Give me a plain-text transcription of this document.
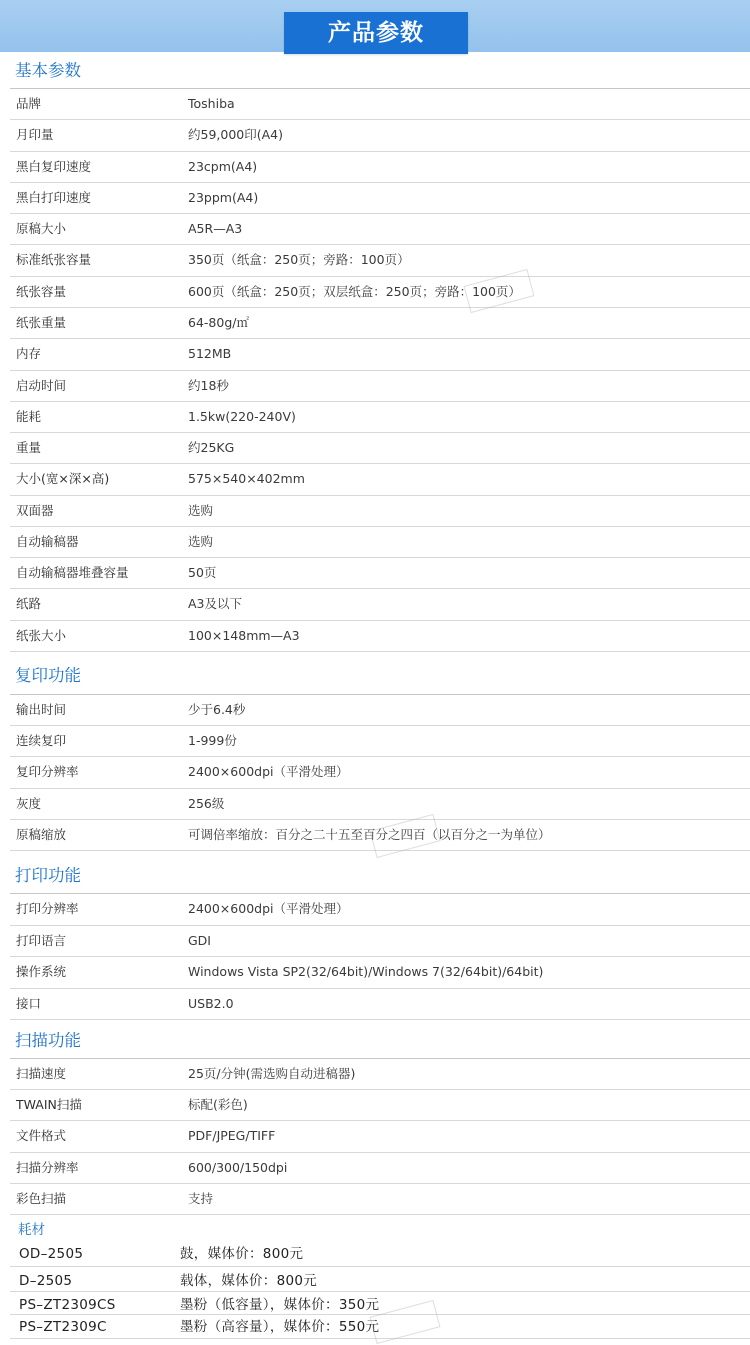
产品参数
基本参数
品牌	Toshiba
月印量	约59,000印(A4)
黑白复印速度	23cpm(A4)
黑白打印速度	23ppm(A4)
原稿大小	A5R—A3
标准纸张容量	350页（纸盒：250页；旁路：100页）
纸张容量	600页（纸盒：250页；双层纸盒：250页；旁路：100页）
纸张重量	64-80g/㎡
内存	512MB
启动时间	约18秒
能耗	1.5kw(220-240V)
重量	约25KG
大小(宽×深×高)	575×540×402mm
双面器	选购
自动输稿器	选购
自动输稿器堆叠容量	50页
纸路	A3及以下
纸张大小	100×148mm—A3
复印功能
输出时间	少于6.4秒
连续复印	1-999份
复印分辨率	2400×600dpi（平滑处理）
灰度	256级
原稿缩放	可调倍率缩放：百分之二十五至百分之四百（以百分之一为单位）
打印功能
打印分辨率	2400×600dpi（平滑处理）
打印语言	GDI
操作系统	Windows Vista SP2(32/64bit)/Windows 7(32/64bit)/64bit)
接口	USB2.0
扫描功能
扫描速度	25页/分钟(需选购自动进稿器)
TWAIN扫描	标配(彩色)
文件格式	PDF/JPEG/TIFF
扫描分辨率	600/300/150dpi
彩色扫描	支持
耗材
OD–2505	鼓，媒体价：800元
D–2505	载体，媒体价：800元
PS–ZT2309CS	墨粉（低容量），媒体价：350元
PS–ZT2309C	墨粉（高容量），媒体价：550元
